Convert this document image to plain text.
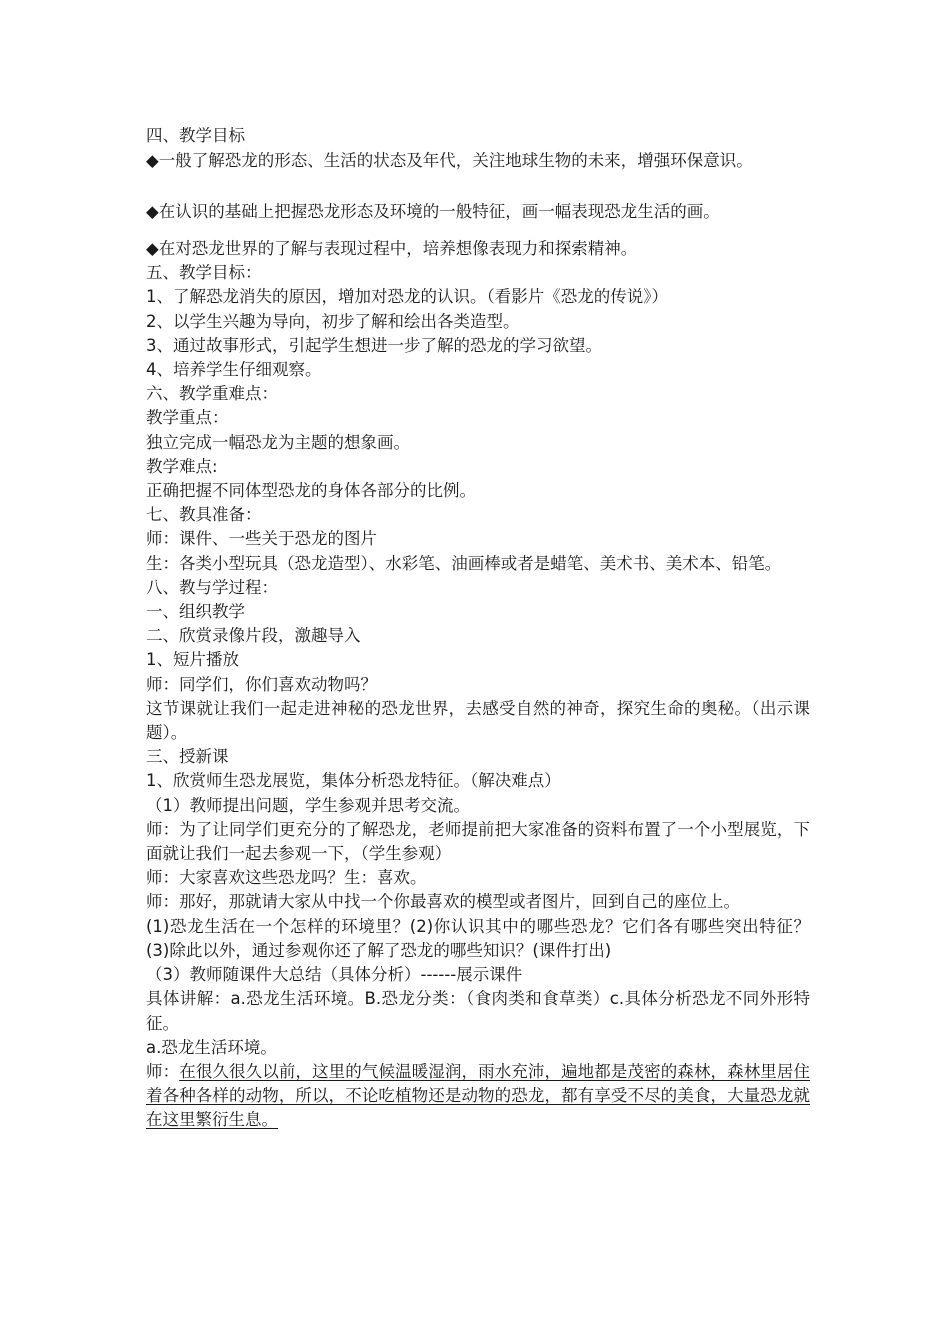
四、教学目标
◆一般了解恐龙的形态、生活的状态及年代，关注地球生物的未来，增强环保意识。
◆在认识的基础上把握恐龙形态及环境的一般特征，画一幅表现恐龙生活的画。
◆在对恐龙世界的了解与表现过程中，培养想像表现力和探索精神。
五、教学目标：
1、了解恐龙消失的原因，增加对恐龙的认识。（看影片《恐龙的传说》）
2、以学生兴趣为导向，初步了解和绘出各类造型。
3、通过故事形式，引起学生想进一步了解的恐龙的学习欲望。
4、培养学生仔细观察。
六、教学重难点：
教学重点：
独立完成一幅恐龙为主题的想象画。
教学难点:
正确把握不同体型恐龙的身体各部分的比例。
七、教具准备：
师：课件、一些关于恐龙的图片
生：各类小型玩具（恐龙造型）、水彩笔、油画棒或者是蜡笔、美术书、美术本、铅笔。
八、教与学过程：
一、组织教学
二、欣赏录像片段，激趣导入
1、短片播放
师：同学们，你们喜欢动物吗？
这节课就让我们一起走进神秘的恐龙世界，去感受自然的神奇，探究生命的奥秘。（出示课题）。
三、授新课
1、欣赏师生恐龙展览，集体分析恐龙特征。（解决难点）
（1）教师提出问题，学生参观并思考交流。
师：为了让同学们更充分的了解恐龙，老师提前把大家准备的资料布置了一个小型展览，下面就让我们一起去参观一下，（学生参观）
师：大家喜欢这些恐龙吗？生：喜欢。
师：那好，那就请大家从中找一个你最喜欢的模型或者图片，回到自己的座位上。
(1)恐龙生活在一个怎样的环境里？(2)你认识其中的哪些恐龙？它们各有哪些突出特征？(3)除此以外，通过参观你还了解了恐龙的哪些知识？(课件打出)
（3）教师随课件大总结（具体分析）------展示课件
具体讲解：a.恐龙生活环境。B.恐龙分类：（食肉类和食草类）c.具体分析恐龙不同外形特征。
a.恐龙生活环境。
师：在很久很久以前，这里的气候温暖湿润，雨水充沛，遍地都是茂密的森林，森林里居住着各种各样的动物，所以，不论吃植物还是动物的恐龙，都有享受不尽的美食，大量恐龙就在这里繁衍生息。
